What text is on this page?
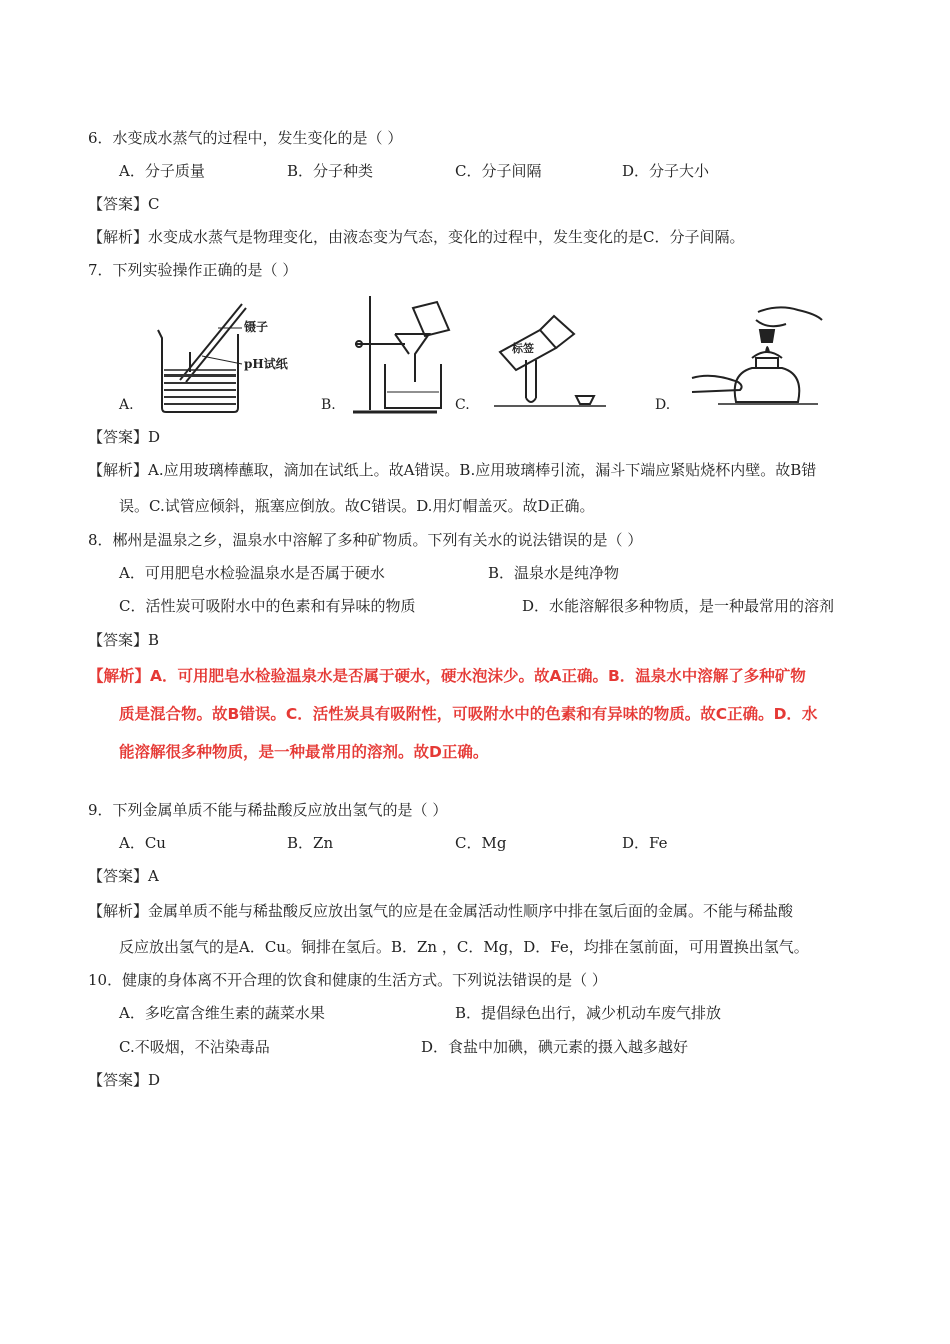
6．水变成水蒸气的过程中，发生变化的是（ ）
A．分子质量	B．分子种类	C．分子间隔	D．分子大小
【答案】C
【解析】水变成水蒸气是物理变化，由液态变为气态，变化的过程中，发生变化的是C．分子间隔。
7．下列实验操作正确的是（ ）
A.
镊子
pH试纸
B.	C.
标签
D.
【答案】D
【解析】A.应用玻璃棒蘸取，滴加在试纸上。故A错误。B.应用玻璃棒引流，漏斗下端应紧贴烧杯内壁。故B错
误。C.试管应倾斜，瓶塞应倒放。故C错误。D.用灯帽盖灭。故D正确。
8．郴州是温泉之乡，温泉水中溶解了多种矿物质。下列有关水的说法错误的是（ ）
A．可用肥皂水检验温泉水是否属于硬水	B．温泉水是纯净物
C．活性炭可吸附水中的色素和有异味的物质	D．水能溶解很多种物质，是一种最常用的溶剂
【答案】B
【解析】A．可用肥皂水检验温泉水是否属于硬水，硬水泡沫少。故A正确。B．温泉水中溶解了多种矿物
质是混合物。故B错误。C．活性炭具有吸附性，可吸附水中的色素和有异味的物质。故C正确。D．水
能溶解很多种物质，是一种最常用的溶剂。故D正确。
9．下列金属单质不能与稀盐酸反应放出氢气的是（ ）
A．Cu	B．Zn	C．Mg	D．Fe
【答案】A
【解析】金属单质不能与稀盐酸反应放出氢气的应是在金属活动性顺序中排在氢后面的金属。不能与稀盐酸
反应放出氢气的是A．Cu。铜排在氢后。B．Zn ，C．Mg，D．Fe，均排在氢前面，可用置换出氢气。
10．健康的身体离不开合理的饮食和健康的生活方式。下列说法错误的是（ ）
A．多吃富含维生素的蔬菜水果	B．提倡绿色出行，减少机动车废气排放
C.不吸烟，不沾染毒品	D．食盐中加碘，碘元素的摄入越多越好
【答案】D
